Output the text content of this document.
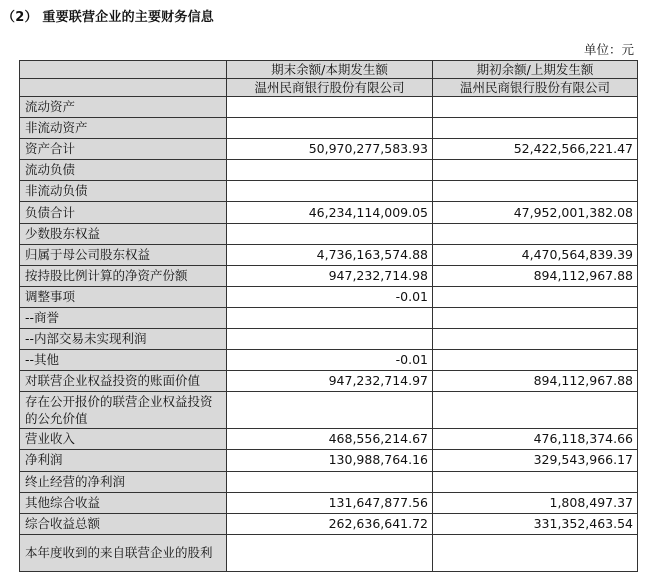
（2） 重要联营企业的主要财务信息
单位：元
	期末余额/本期发生额	期初余额/上期发生额
	温州民商银行股份有限公司	温州民商银行股份有限公司
流动资产		
非流动资产		
资产合计	50,970,277,583.93	52,422,566,221.47
流动负债		
非流动负债		
负债合计	46,234,114,009.05	47,952,001,382.08
少数股东权益		
归属于母公司股东权益	4,736,163,574.88	4,470,564,839.39
按持股比例计算的净资产份额	947,232,714.98	894,112,967.88
调整事项	-0.01	
--商誉		
--内部交易未实现利润		
--其他	-0.01	
对联营企业权益投资的账面价值	947,232,714.97	894,112,967.88
存在公开报价的联营企业权益投资的公允价值		
营业收入	468,556,214.67	476,118,374.66
净利润	130,988,764.16	329,543,966.17
终止经营的净利润		
其他综合收益	131,647,877.56	1,808,497.37
综合收益总额	262,636,641.72	331,352,463.54
本年度收到的来自联营企业的股利		
